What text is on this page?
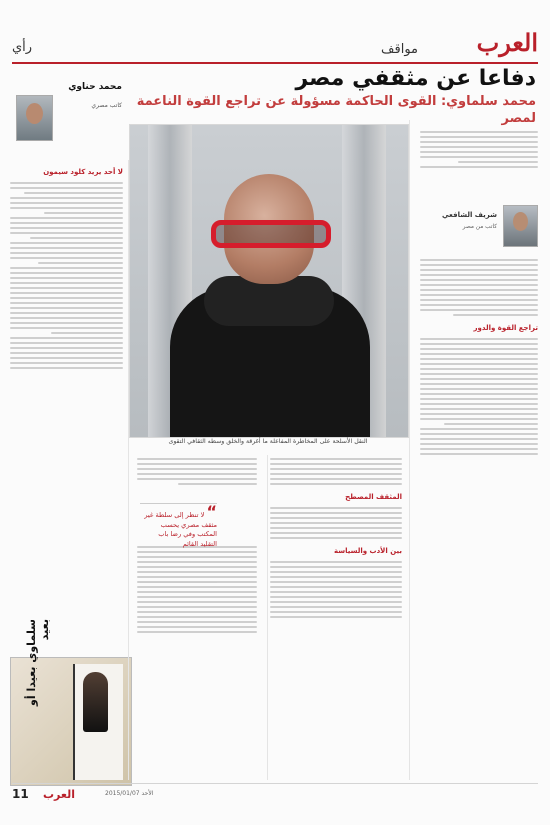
العرب
مواقف
رأي
دفاعا عن مثقفي مصر
محمد سلماوي: القوى الحاكمة مسؤولة عن تراجع القوة الناعمة لمصر
محمد حناوي
كاتب مصري
لا أحد يريد كلود سيمون
النقل الأسلحة على المخاطرة المفاعلة ما أغرقة والخلق وسطه الثقافي التقوى
شريف الشافعي
كاتب من مصر
تراجع القوة والدور
“ لا تنظر إلى سلطة غير مثقف مصري يحسب المكتب وفي رضا باب التقليد القائم
المثقف المصطح
بين الأدب والسياسة
سلماوي بعيدا أو بعيد
11 العرب	الأحد 2015/01/07
